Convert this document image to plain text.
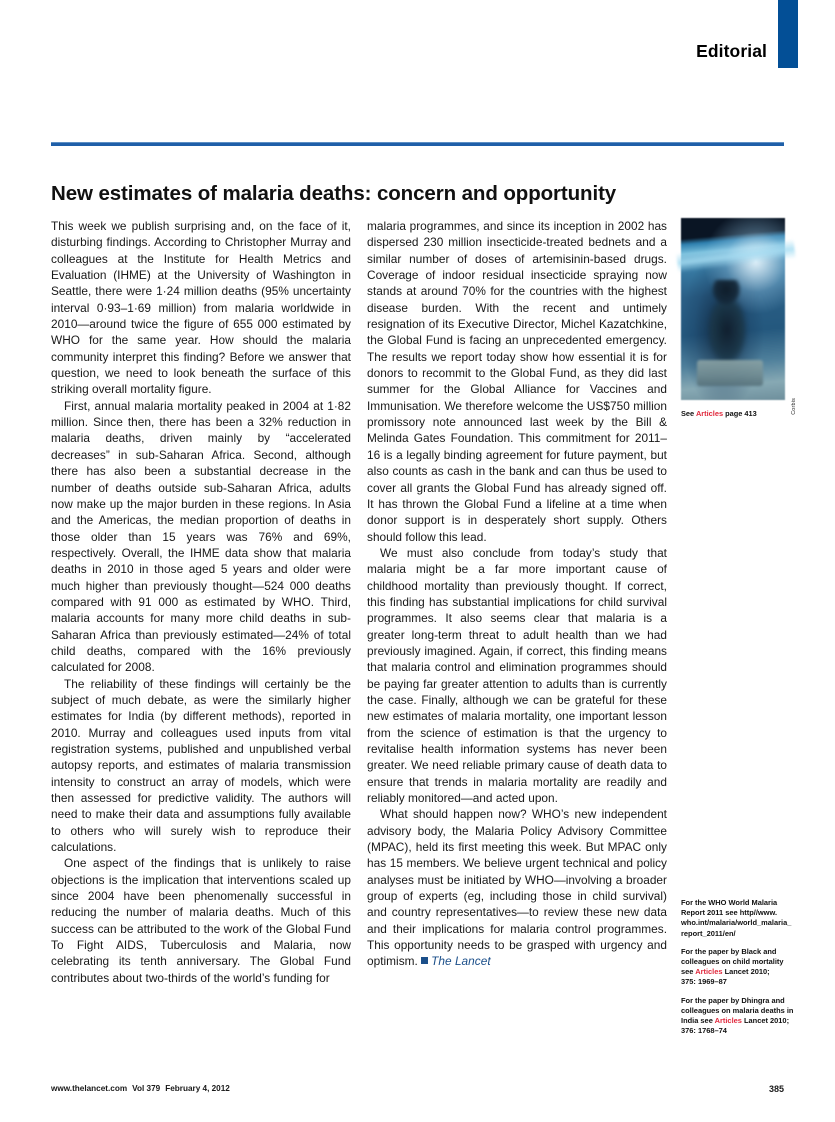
Editorial
New estimates of malaria deaths: concern and opportunity

This week we publish surprising and, on the face of it, disturbing findings. According to Christopher Murray and colleagues at the Institute for Health Metrics and Evaluation (IHME) at the University of Washington in Seattle, there were 1·24 million deaths (95% uncertainty interval 0·93–1·69 million) from malaria worldwide in 2010—around twice the figure of 655 000 estimated by WHO for the same year. How should the malaria community interpret this finding? Before we answer that question, we need to look beneath the surface of this striking overall mortality figure.

First, annual malaria mortality peaked in 2004 at 1·82 million. Since then, there has been a 32% reduction in malaria deaths, driven mainly by “accelerated decreases” in sub-Saharan Africa. Second, although there has also been a substantial decrease in the number of deaths outside sub-Saharan Africa, adults now make up the major burden in these regions. In Asia and the Americas, the median proportion of deaths in those older than 15 years was 76% and 69%, respectively. Overall, the IHME data show that malaria deaths in 2010 in those aged 5 years and older were much higher than previously thought—524 000 deaths compared with 91 000 as estimated by WHO. Third, malaria accounts for many more child deaths in sub-Saharan Africa than previously estimated—24% of total child deaths, compared with the 16% previously calculated for 2008.

The reliability of these findings will certainly be the subject of much debate, as were the similarly higher estimates for India (by different methods), reported in 2010. Murray and colleagues used inputs from vital registration systems, published and unpublished verbal autopsy reports, and estimates of malaria transmission intensity to construct an array of models, which were then assessed for predictive validity. The authors will need to make their data and assumptions fully available to others who will surely wish to reproduce their calculations.

One aspect of the findings that is unlikely to raise objections is the implication that interventions scaled up since 2004 have been phenomenally successful in reducing the number of malaria deaths. Much of this success can be attributed to the work of the Global Fund To Fight AIDS, Tuberculosis and Malaria, now celebrating its tenth anniversary. The Global Fund contributes about two-thirds of the world’s funding for

malaria programmes, and since its inception in 2002 has dispersed 230 million insecticide-treated bednets and a similar number of doses of artemisinin-based drugs. Coverage of indoor residual insecticide spraying now stands at around 70% for the countries with the highest disease burden. With the recent and untimely resignation of its Executive Director, Michel Kazatchkine, the Global Fund is facing an unprecedented emergency. The results we report today show how essential it is for donors to recommit to the Global Fund, as they did last summer for the Global Alliance for Vaccines and Immunisation. We therefore welcome the US$750 million promissory note announced last week by the Bill & Melinda Gates Foundation. This commitment for 2011–16 is a legally binding agreement for future payment, but also counts as cash in the bank and can thus be used to cover all grants the Global Fund has already signed off. It has thrown the Global Fund a lifeline at a time when donor support is in desperately short supply. Others should follow this lead.

We must also conclude from today’s study that malaria might be a far more important cause of childhood mortality than previously thought. If correct, this finding has substantial implications for child survival programmes. It also seems clear that malaria is a greater long-term threat to adult health than we had previously imagined. Again, if correct, this finding means that malaria control and elimination programmes should be paying far greater attention to adults than is currently the case. Finally, although we can be grateful for these new estimates of malaria mortality, one important lesson from the science of estimation is that the urgency to revitalise health information systems has never been greater. We need reliable primary cause of death data to ensure that trends in malaria mortality are readily and reliably monitored—and acted upon.

What should happen now? WHO’s new independent advisory body, the Malaria Policy Advisory Committee (MPAC), held its first meeting this week. But MPAC only has 15 members. We believe urgent technical and policy analyses must be initiated by WHO—involving a broader group of experts (eg, including those in child survival) and country representatives—to review these new data and their implications for malaria control programmes. This opportunity needs to be grasped with urgency and optimism. The Lancet

Corbis
See Articles page 413
For the WHO World Malaria
Report 2011 see http//www.
who.int/malaria/world_malaria_
report_2011/en/
For the paper by Black and
colleagues on child mortality
see Articles Lancet 2010;
375: 1969–87
For the paper by Dhingra and
colleagues on malaria deaths in
India see Articles Lancet 2010;
376: 1768–74
www.thelancet.com Vol 379 February 4, 2012	385
